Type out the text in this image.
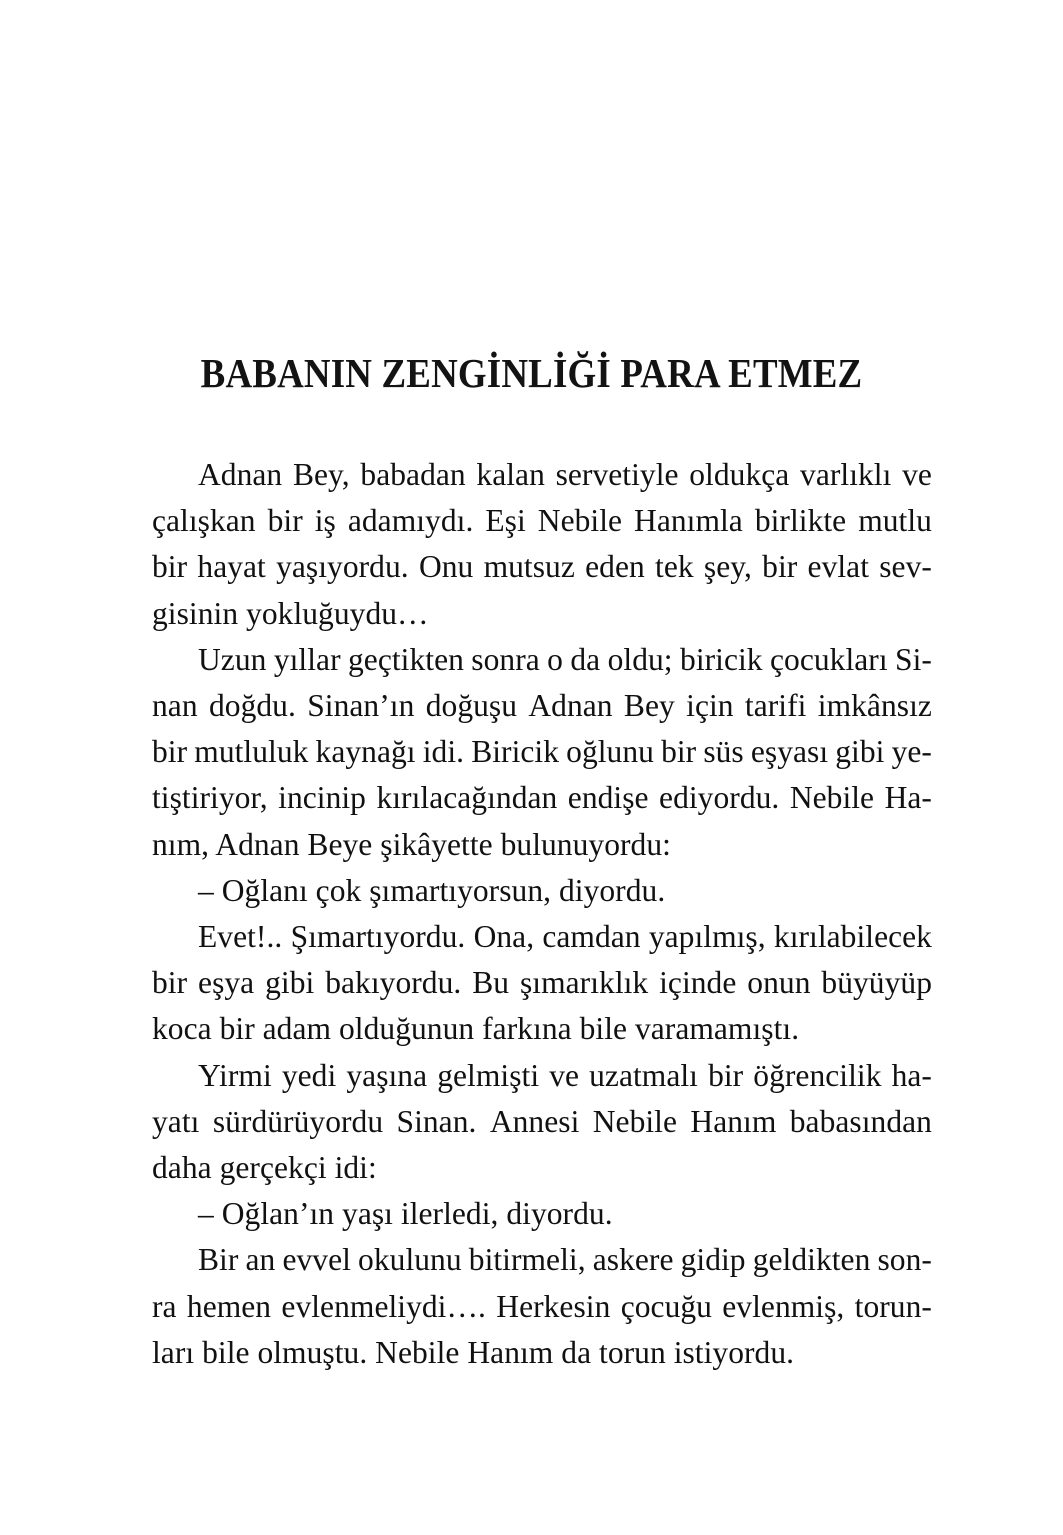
BABANIN ZENGİNLİĞİ PARA ETMEZ

Adnan Bey, babadan kalan servetiyle oldukça varlıklı ve
çalışkan bir iş adamıydı. Eşi Nebile Hanımla birlikte mutlu
bir hayat yaşıyordu. Onu mutsuz eden tek şey, bir evlat sev-
gisinin yokluğuydu…

Uzun yıllar geçtikten sonra o da oldu; biricik çocukları Si-
nan doğdu. Sinan’ın doğuşu Adnan Bey için tarifi imkânsız
bir mutluluk kaynağı idi. Biricik oğlunu bir süs eşyası gibi ye-
tiştiriyor, incinip kırılacağından endişe ediyordu. Nebile Ha-
nım, Adnan Beye şikâyette bulunuyordu:

– Oğlanı çok şımartıyorsun, diyordu.

Evet!.. Şımartıyordu. Ona, camdan yapılmış, kırılabilecek
bir eşya gibi bakıyordu. Bu şımarıklık içinde onun büyüyüp
koca bir adam olduğunun farkına bile varamamıştı.

Yirmi yedi yaşına gelmişti ve uzatmalı bir öğrencilik ha-
yatı sürdürüyordu Sinan. Annesi Nebile Hanım babasından
daha gerçekçi idi:

– Oğlan’ın yaşı ilerledi, diyordu.

Bir an evvel okulunu bitirmeli, askere gidip geldikten son-
ra hemen evlenmeliydi…. Herkesin çocuğu evlenmiş, torun-
ları bile olmuştu. Nebile Hanım da torun istiyordu.
